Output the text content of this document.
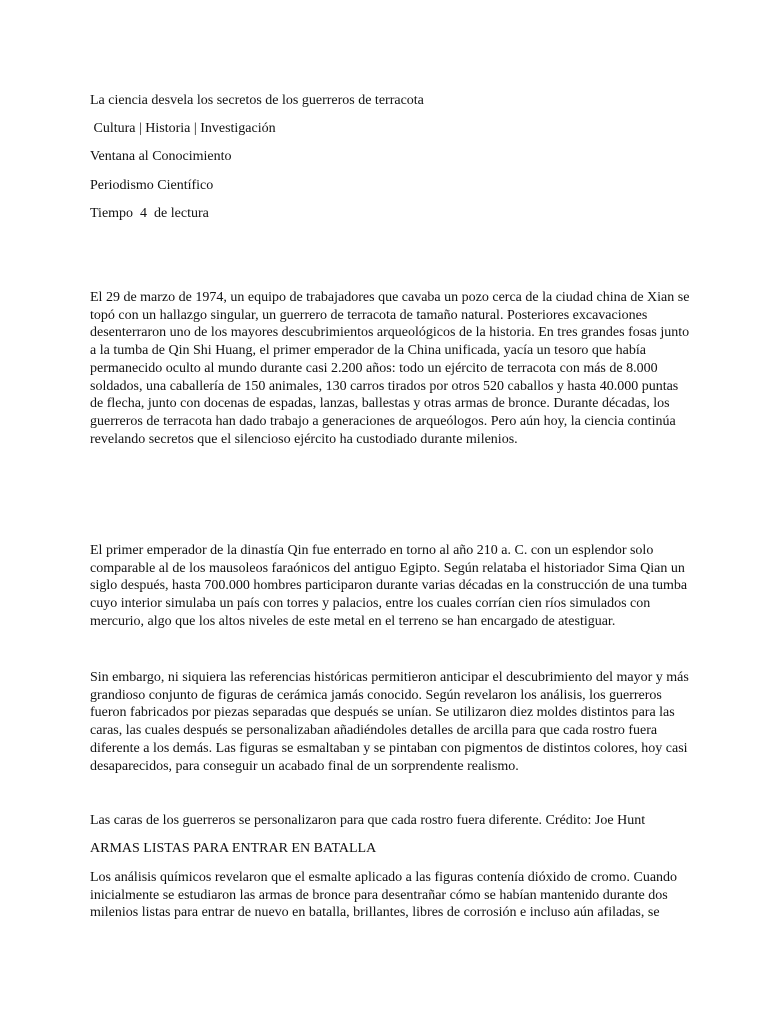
La ciencia desvela los secretos de los guerreros de terracota

Cultura | Historia | Investigación

Ventana al Conocimiento

Periodismo Científico

Tiempo  4  de lectura

El 29 de marzo de 1974, un equipo de trabajadores que cavaba un pozo cerca de la ciudad china de Xian se topó con un hallazgo singular, un guerrero de terracota de tamaño natural. Posteriores excavaciones desenterraron uno de los mayores descubrimientos arqueológicos de la historia. En tres grandes fosas junto a la tumba de Qin Shi Huang, el primer emperador de la China unificada, yacía un tesoro que había permanecido oculto al mundo durante casi 2.200 años: todo un ejército de terracota con más de 8.000 soldados, una caballería de 150 animales, 130 carros tirados por otros 520 caballos y hasta 40.000 puntas de flecha, junto con docenas de espadas, lanzas, ballestas y otras armas de bronce. Durante décadas, los guerreros de terracota han dado trabajo a generaciones de arqueólogos. Pero aún hoy, la ciencia continúa revelando secretos que el silencioso ejército ha custodiado durante milenios.

El primer emperador de la dinastía Qin fue enterrado en torno al año 210 a. C. con un esplendor solo comparable al de los mausoleos faraónicos del antiguo Egipto. Según relataba el historiador Sima Qian un siglo después, hasta 700.000 hombres participaron durante varias décadas en la construcción de una tumba cuyo interior simulaba un país con torres y palacios, entre los cuales corrían cien ríos simulados con mercurio, algo que los altos niveles de este metal en el terreno se han encargado de atestiguar.

Sin embargo, ni siquiera las referencias históricas permitieron anticipar el descubrimiento del mayor y más grandioso conjunto de figuras de cerámica jamás conocido. Según revelaron los análisis, los guerreros fueron fabricados por piezas separadas que después se unían. Se utilizaron diez moldes distintos para las caras, las cuales después se personalizaban añadiéndoles detalles de arcilla para que cada rostro fuera diferente a los demás. Las figuras se esmaltaban y se pintaban con pigmentos de distintos colores, hoy casi desaparecidos, para conseguir un acabado final de un sorprendente realismo.

Las caras de los guerreros se personalizaron para que cada rostro fuera diferente. Crédito: Joe Hunt

ARMAS LISTAS PARA ENTRAR EN BATALLA

Los análisis químicos revelaron que el esmalte aplicado a las figuras contenía dióxido de cromo. Cuando inicialmente se estudiaron las armas de bronce para desentrañar cómo se habían mantenido durante dos milenios listas para entrar de nuevo en batalla, brillantes, libres de corrosión e incluso aún afiladas, se
